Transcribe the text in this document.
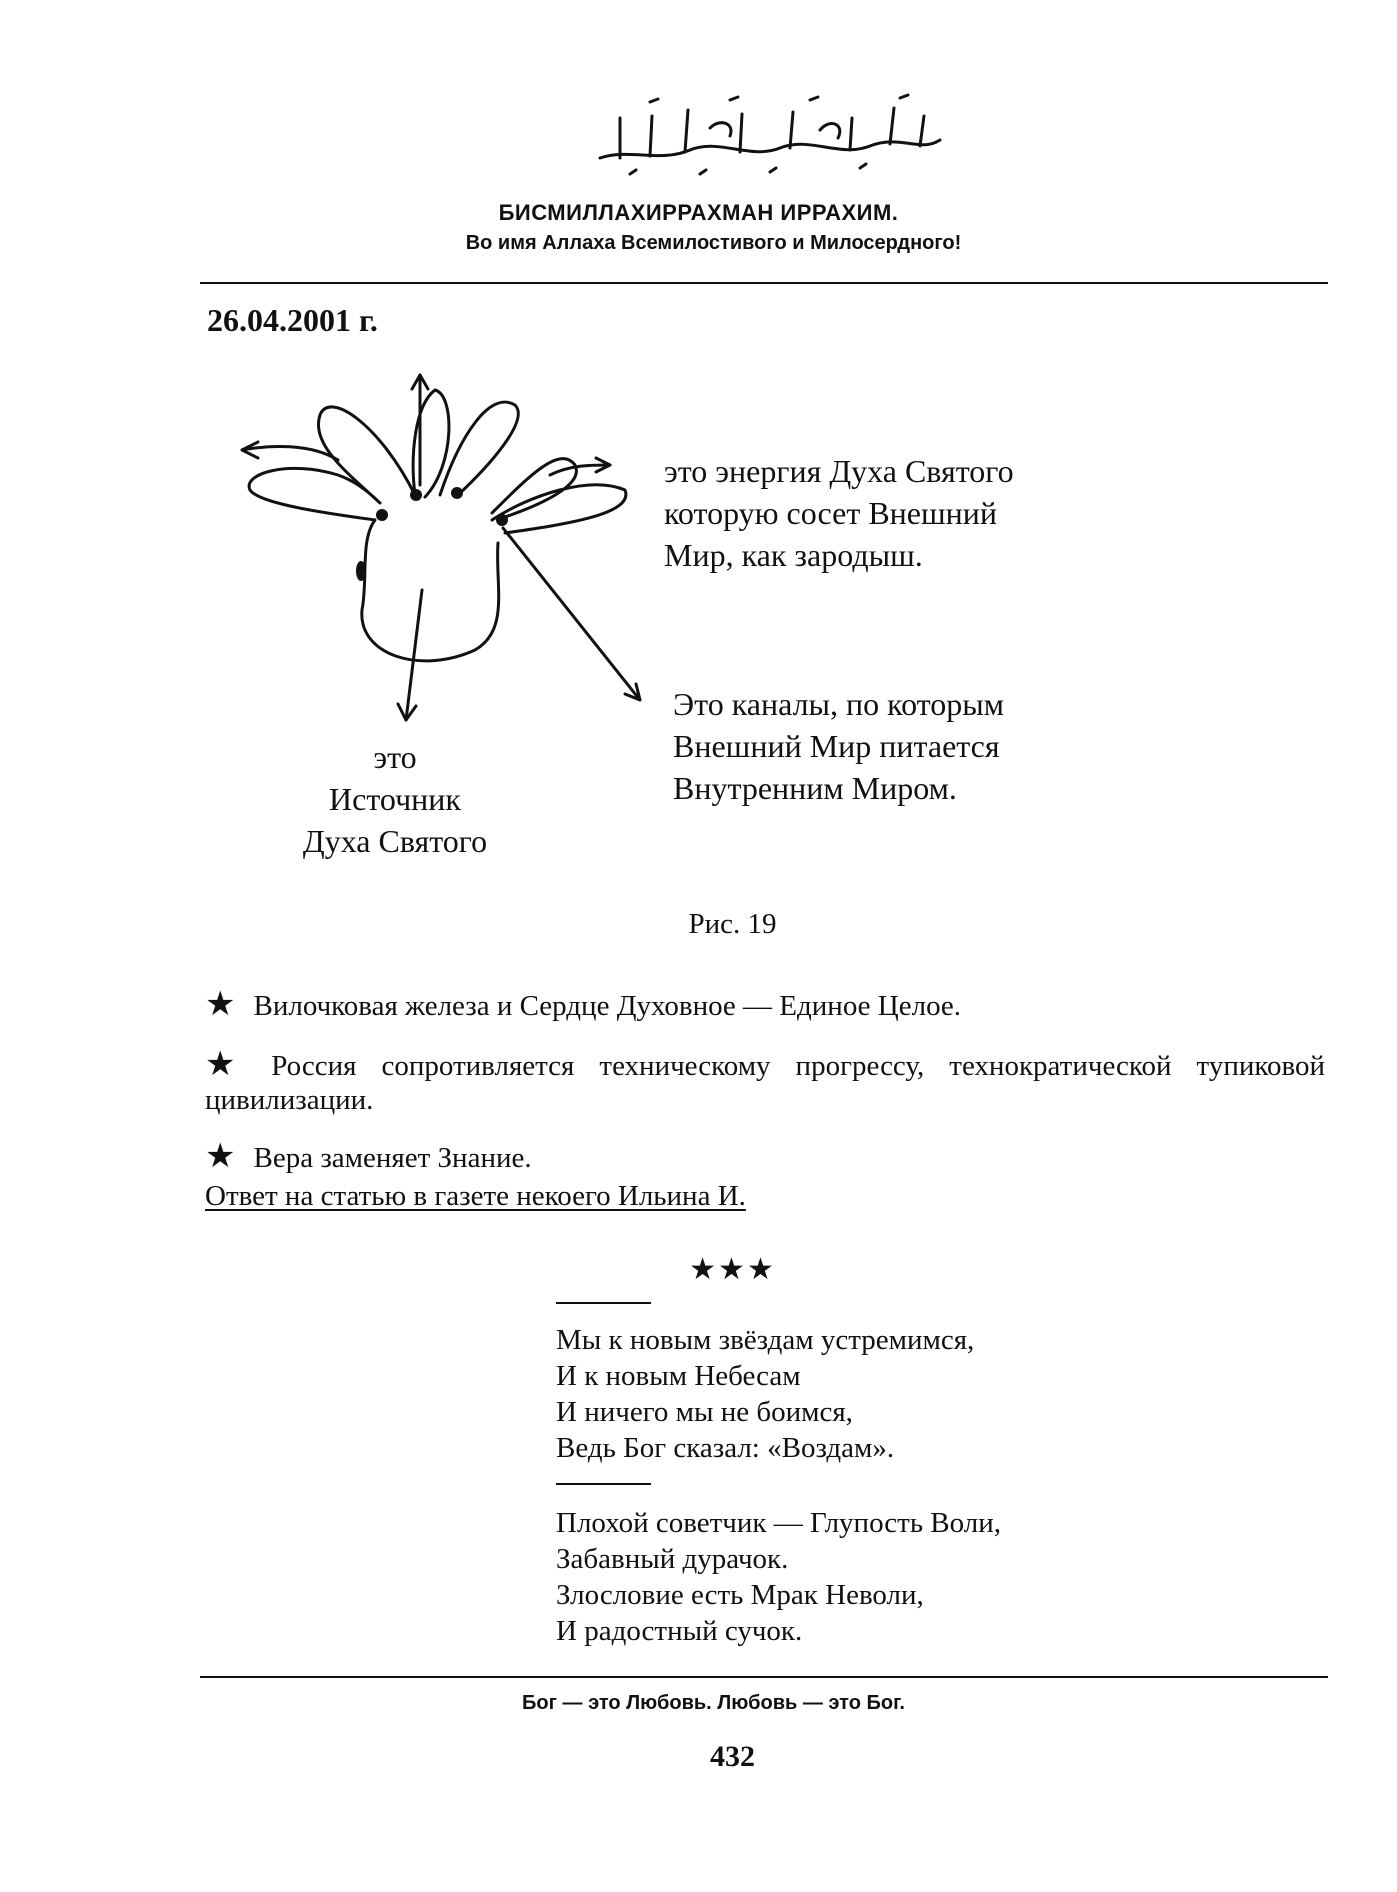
БИСМИЛЛАХИРРАХМАН ИРРАХИМ.
Во имя Аллаха Всемилостивого и Милосердного!
26.04.2001 г.
это энергия Духа Святого
которую сосет Внешний
Мир, как зародыш.
Это каналы, по которым
Внешний Мир питается
Внутренним Миром.
это
Источник
Духа Святого
Рис. 19
★ Вилочковая железа и Сердце Духовное — Единое Целое.
★ Россия сопротивляется техническому прогрессу, технократической тупиковой цивилизации.
★ Вера заменяет Знание.
Ответ на статью в газете некоего Ильина И.
★★★
Мы к новым звёздам устремимся,
И к новым Небесам
И ничего мы не боимся,
Ведь Бог сказал: «Воздам».
Плохой советчик — Глупость Воли,
Забавный дурачок.
Злословие есть Мрак Неволи,
И радостный сучок.
Бог — это Любовь. Любовь — это Бог.
432
